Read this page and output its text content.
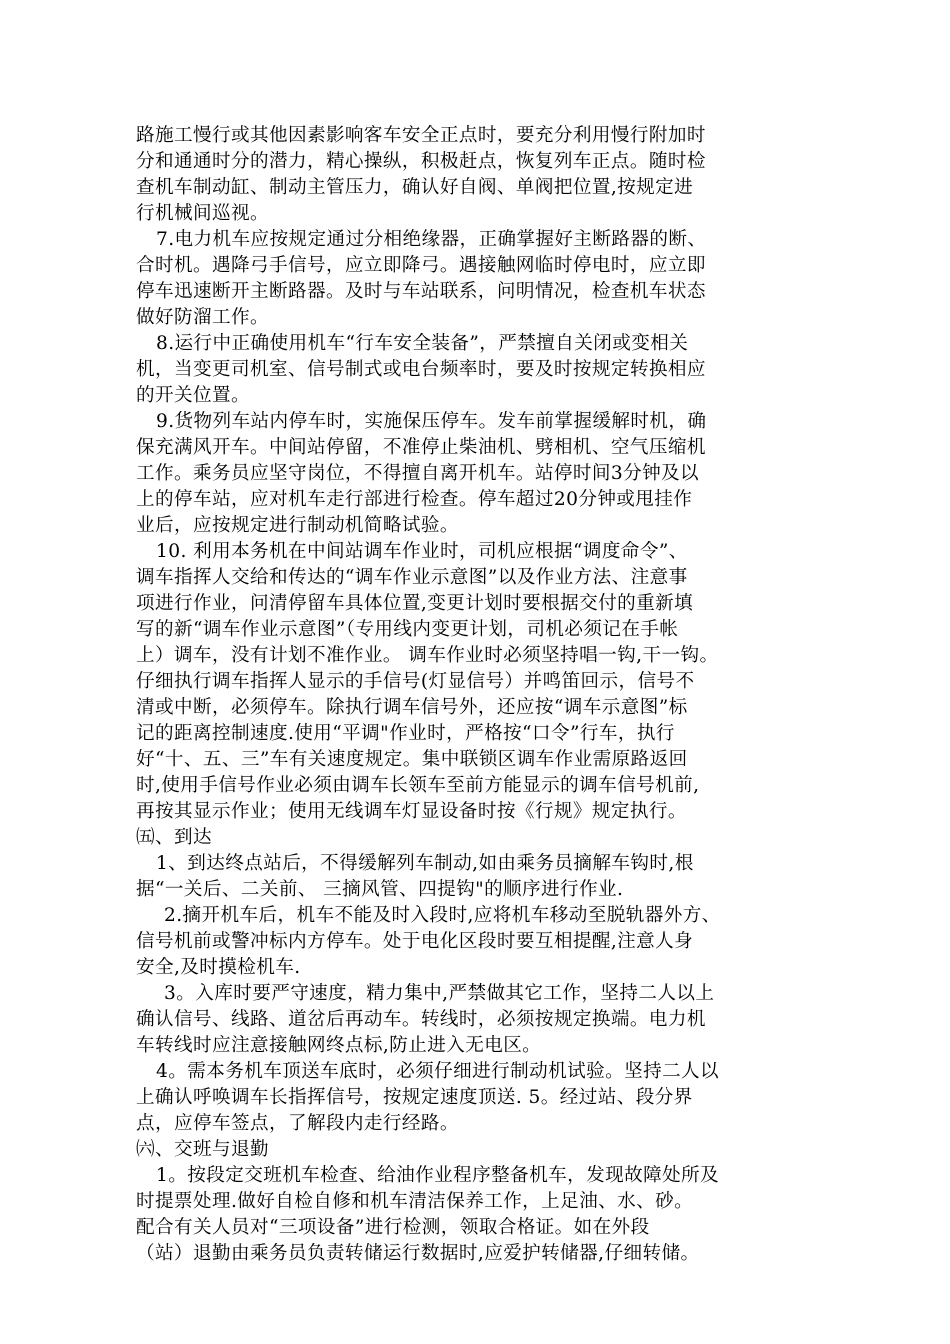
路施工慢行或其他因素影响客车安全正点时，要充分利用慢行附加时
分和通通时分的潜力，精心操纵，积极赶点，恢复列车正点。随时检
查机车制动缸、制动主管压力，确认好自阀、单阀把位置,按规定进
行机械间巡视。
7.电力机车应按规定通过分相绝缘器，正确掌握好主断路器的断、
合时机。遇降弓手信号，应立即降弓。遇接触网临时停电时，应立即
停车迅速断开主断路器。及时与车站联系，问明情况，检查机车状态
做好防溜工作。
8.运行中正确使用机车“行车安全装备”，严禁擅自关闭或变相关
机，当变更司机室、信号制式或电台频率时，要及时按规定转换相应
的开关位置。
9.货物列车站内停车时，实施保压停车。发车前掌握缓解时机，确
保充满风开车。中间站停留，不准停止柴油机、劈相机、空气压缩机
工作。乘务员应坚守岗位，不得擅自离开机车。站停时间3分钟及以
上的停车站，应对机车走行部进行检查。停车超过20分钟或甩挂作
业后，应按规定进行制动机简略试验。
10. 利用本务机在中间站调车作业时，司机应根据“调度命令”、
调车指挥人交给和传达的“调车作业示意图”以及作业方法、注意事
项进行作业，问清停留车具体位置,变更计划时要根据交付的重新填
写的新“调车作业示意图”（专用线内变更计划，司机必须记在手帐
上）调车，没有计划不准作业。 调车作业时必须坚持唱一钩,干一钩。
仔细执行调车指挥人显示的手信号(灯显信号）并鸣笛回示，信号不
清或中断，必须停车。除执行调车信号外，还应按“调车示意图”标
记的距离控制速度.使用“平调"作业时，严格按“口令”行车，执行
好“十、五、三”车有关速度规定。集中联锁区调车作业需原路返回
时,使用手信号作业必须由调车长领车至前方能显示的调车信号机前,
再按其显示作业；使用无线调车灯显设备时按《行规》规定执行。
㈤、到达
1、到达终点站后，不得缓解列车制动,如由乘务员摘解车钩时,根
据“一关后、二关前、 三摘风管、四提钩"的顺序进行作业.
2.摘开机车后，机车不能及时入段时,应将机车移动至脱轨器外方、
信号机前或警冲标内方停车。处于电化区段时要互相提醒,注意人身
安全,及时摸检机车.
3。入库时要严守速度，精力集中,严禁做其它工作，坚持二人以上
确认信号、线路、道岔后再动车。转线时，必须按规定换端。电力机
车转线时应注意接触网终点标,防止进入无电区。
4。需本务机车顶送车底时，必须仔细进行制动机试验。坚持二人以
上确认呼唤调车长指挥信号，按规定速度顶送. 5。经过站、段分界
点，应停车签点，了解段内走行经路。
㈥、交班与退勤
1。按段定交班机车检查、给油作业程序整备机车，发现故障处所及
时提票处理.做好自检自修和机车清洁保养工作，上足油、水、砂。
配合有关人员对“三项设备”进行检测，领取合格证。如在外段
（站）退勤由乘务员负责转储运行数据时,应爱护转储器,仔细转储。
